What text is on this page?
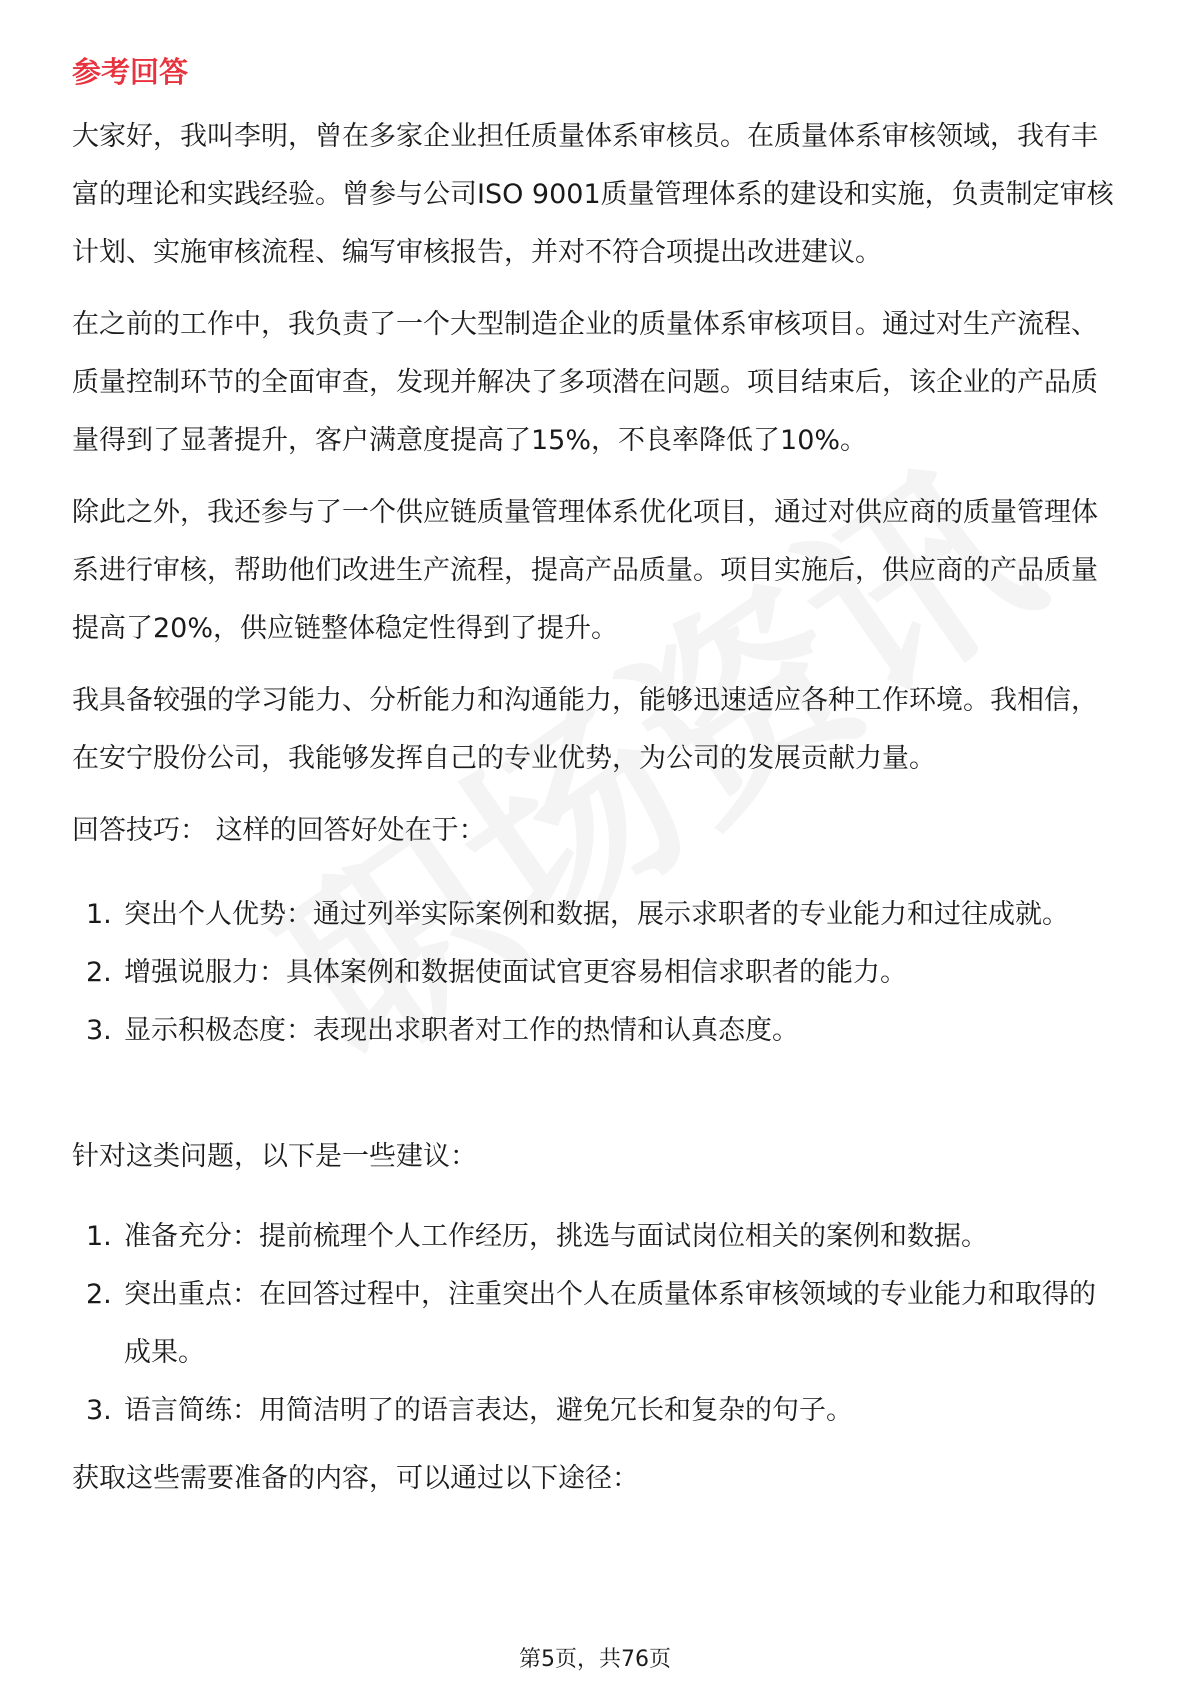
参考回答

大家好，我叫李明，曾在多家企业担任质量体系审核员。在质量体系审核领域，我有丰富的理论和实践经验。曾参与公司ISO 9001质量管理体系的建设和实施，负责制定审核计划、实施审核流程、编写审核报告，并对不符合项提出改进建议。

在之前的工作中，我负责了一个大型制造企业的质量体系审核项目。通过对生产流程、质量控制环节的全面审查，发现并解决了多项潜在问题。项目结束后，该企业的产品质量得到了显著提升，客户满意度提高了15%，不良率降低了10%。

除此之外，我还参与了一个供应链质量管理体系优化项目，通过对供应商的质量管理体系进行审核，帮助他们改进生产流程，提高产品质量。项目实施后，供应商的产品质量提高了20%，供应链整体稳定性得到了提升。

我具备较强的学习能力、分析能力和沟通能力，能够迅速适应各种工作环境。我相信，在安宁股份公司，我能够发挥自己的专业优势，为公司的发展贡献力量。

回答技巧： 这样的回答好处在于：

1. 突出个人优势：通过列举实际案例和数据，展示求职者的专业能力和过往成就。
2. 增强说服力：具体案例和数据使面试官更容易相信求职者的能力。
3. 显示积极态度：表现出求职者对工作的热情和认真态度。

针对这类问题，以下是一些建议：

1. 准备充分：提前梳理个人工作经历，挑选与面试岗位相关的案例和数据。
2. 突出重点：在回答过程中，注重突出个人在质量体系审核领域的专业能力和取得的成果。
3. 语言简练：用简洁明了的语言表达，避免冗长和复杂的句子。

获取这些需要准备的内容，可以通过以下途径：

第5页，共76页
